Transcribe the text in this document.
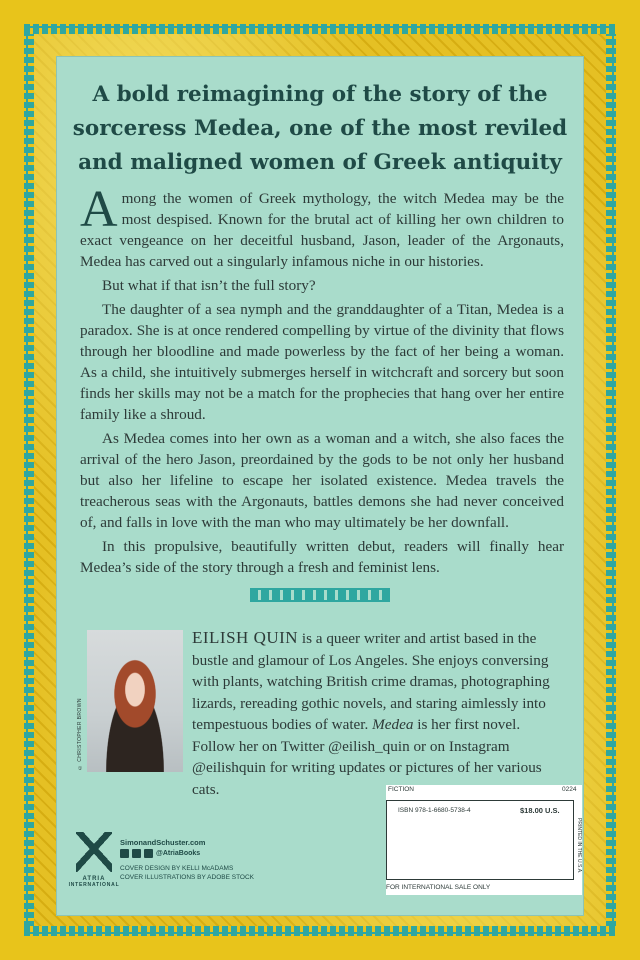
A bold reimagining of the story of the sorceress Medea, one of the most reviled and maligned women of Greek antiquity

Among the women of Greek mythology, the witch Medea may be the most despised. Known for the brutal act of killing her own children to exact vengeance on her deceitful husband, Jason, leader of the Argonauts, Medea has carved out a singularly infamous niche in our histories.

But what if that isn’t the full story?

The daughter of a sea nymph and the granddaughter of a Titan, Medea is a paradox. She is at once rendered compelling by virtue of the divinity that flows through her bloodline and made powerless by the fact of her being a woman. As a child, she intuitively submerges herself in witchcraft and sorcery but soon finds her skills may not be a match for the prophecies that hang over her entire family like a shroud.

As Medea comes into her own as a woman and a witch, she also faces the arrival of the hero Jason, preordained by the gods to be not only her husband but also her lifeline to escape her isolated existence. Medea travels the treacherous seas with the Argonauts, battles demons she had never conceived of, and falls in love with the man who may ultimately be her downfall.

In this propulsive, beautifully written debut, readers will finally hear Medea’s side of the story through a fresh and feminist lens.

© CHRISTOPHER BROWN
EILISH QUIN is a queer writer and artist based in the bustle and glamour of Los Angeles. She enjoys conversing with plants, watching British crime dramas, photographing lizards, rereading gothic novels, and staring aimlessly into tempestuous bodies of water. Medea is her first novel. Follow her on Twitter @eilish_quin or on Instagram @eilishquin for writing updates or pictures of her various cats.
ATRIA
INTERNATIONAL
SimonandSchuster.com
@AtriaBooks
COVER DESIGN BY KELLI McADAMS
COVER ILLUSTRATIONS BY ADOBE STOCK
FICTION	0224
ISBN 978-1-6680-5738-4	$18.00 U.S.
PRINTED IN THE U.S.A.
FOR INTERNATIONAL SALE ONLY
